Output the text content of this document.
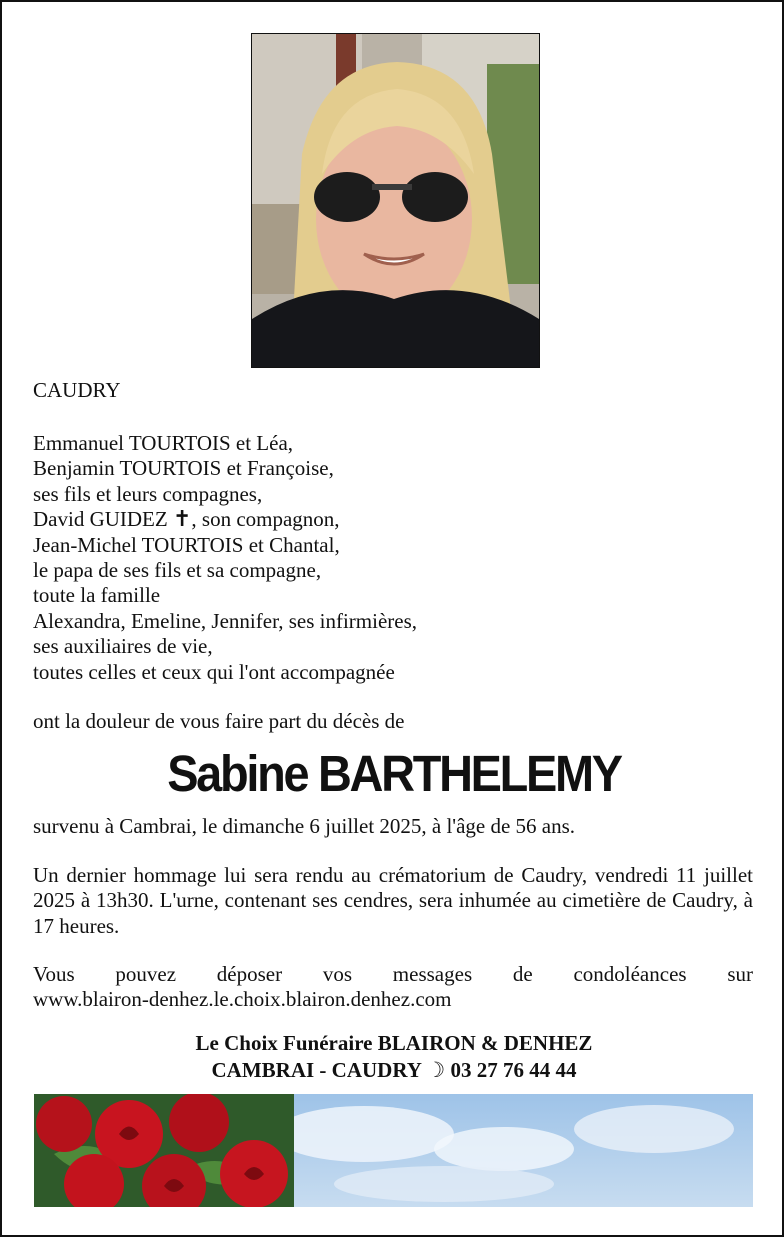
CAUDRY
Emmanuel TOURTOIS et Léa,
Benjamin TOURTOIS et Françoise,
ses fils et leurs compagnes,
David GUIDEZ ✝, son compagnon,
Jean-Michel TOURTOIS et Chantal,
le papa de ses fils et sa compagne,
toute la famille
Alexandra, Emeline, Jennifer, ses infirmières,
ses auxiliaires de vie,
toutes celles et ceux qui l'ont accompagnée
ont la douleur de vous faire part du décès de
Sabine BARTHELEMY
survenu à Cambrai, le dimanche 6 juillet 2025, à l'âge de 56 ans.
Un dernier hommage lui sera rendu au crématorium de Caudry, vendredi 11 juillet 2025 à 13h30. L'urne, contenant ses cendres, sera inhumée au cimetière de Caudry, à 17 heures.
Vous pouvez déposer vos messages de condoléances sur
www.blairon-denhez.le.choix.blairon.denhez.com
Le Choix Funéraire BLAIRON & DENHEZ
CAMBRAI - CAUDRY ☽ 03 27 76 44 44
